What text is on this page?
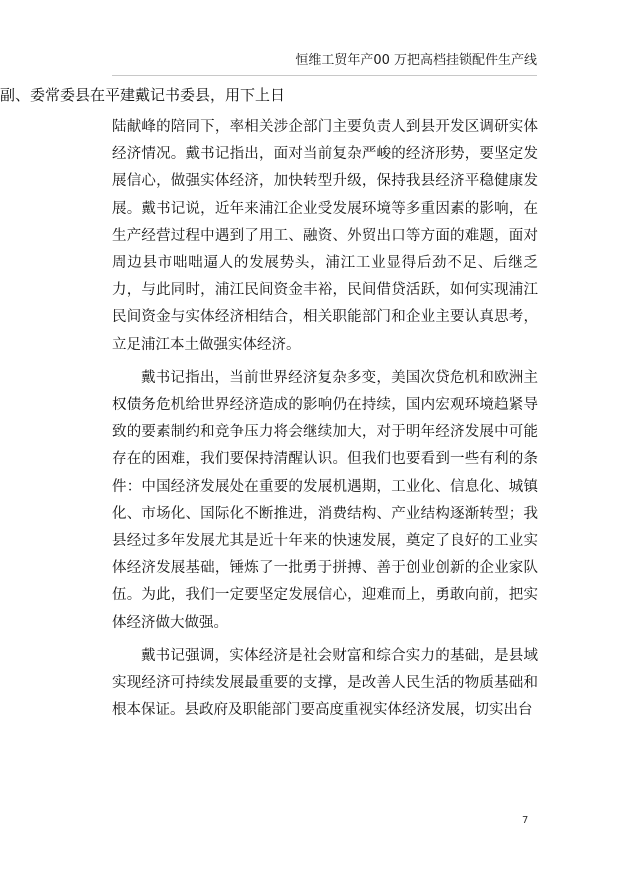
恒维工贸年产00 万把高档挂锁配件生产线
副、委常委县在平建戴记书委县，用下上日

陆献峰的陪同下，率相关涉企部门主要负责人到县开发区调研实体经济情况。戴书记指出，面对当前复杂严峻的经济形势，要坚定发展信心，做强实体经济，加快转型升级，保持我县经济平稳健康发展。戴书记说，近年来浦江企业受发展环境等多重因素的影响，在生产经营过程中遇到了用工、融资、外贸出口等方面的难题，面对周边县市咄咄逼人的发展势头，浦江工业显得后劲不足、后继乏力，与此同时，浦江民间资金丰裕，民间借贷活跃，如何实现浦江民间资金与实体经济相结合，相关职能部门和企业主要认真思考，立足浦江本土做强实体经济。

戴书记指出，当前世界经济复杂多变，美国次贷危机和欧洲主权债务危机给世界经济造成的影响仍在持续，国内宏观环境趋紧导致的要素制约和竞争压力将会继续加大，对于明年经济发展中可能存在的困难，我们要保持清醒认识。但我们也要看到一些有利的条件：中国经济发展处在重要的发展机遇期，工业化、信息化、城镇化、市场化、国际化不断推进，消费结构、产业结构逐渐转型；我县经过多年发展尤其是近十年来的快速发展，奠定了良好的工业实体经济发展基础，锤炼了一批勇于拼搏、善于创业创新的企业家队伍。为此，我们一定要坚定发展信心，迎难而上，勇敢向前，把实体经济做大做强。

戴书记强调，实体经济是社会财富和综合实力的基础，是县域实现经济可持续发展最重要的支撑，是改善人民生活的物质基础和根本保证。县政府及职能部门要高度重视实体经济发展，切实出台

7
